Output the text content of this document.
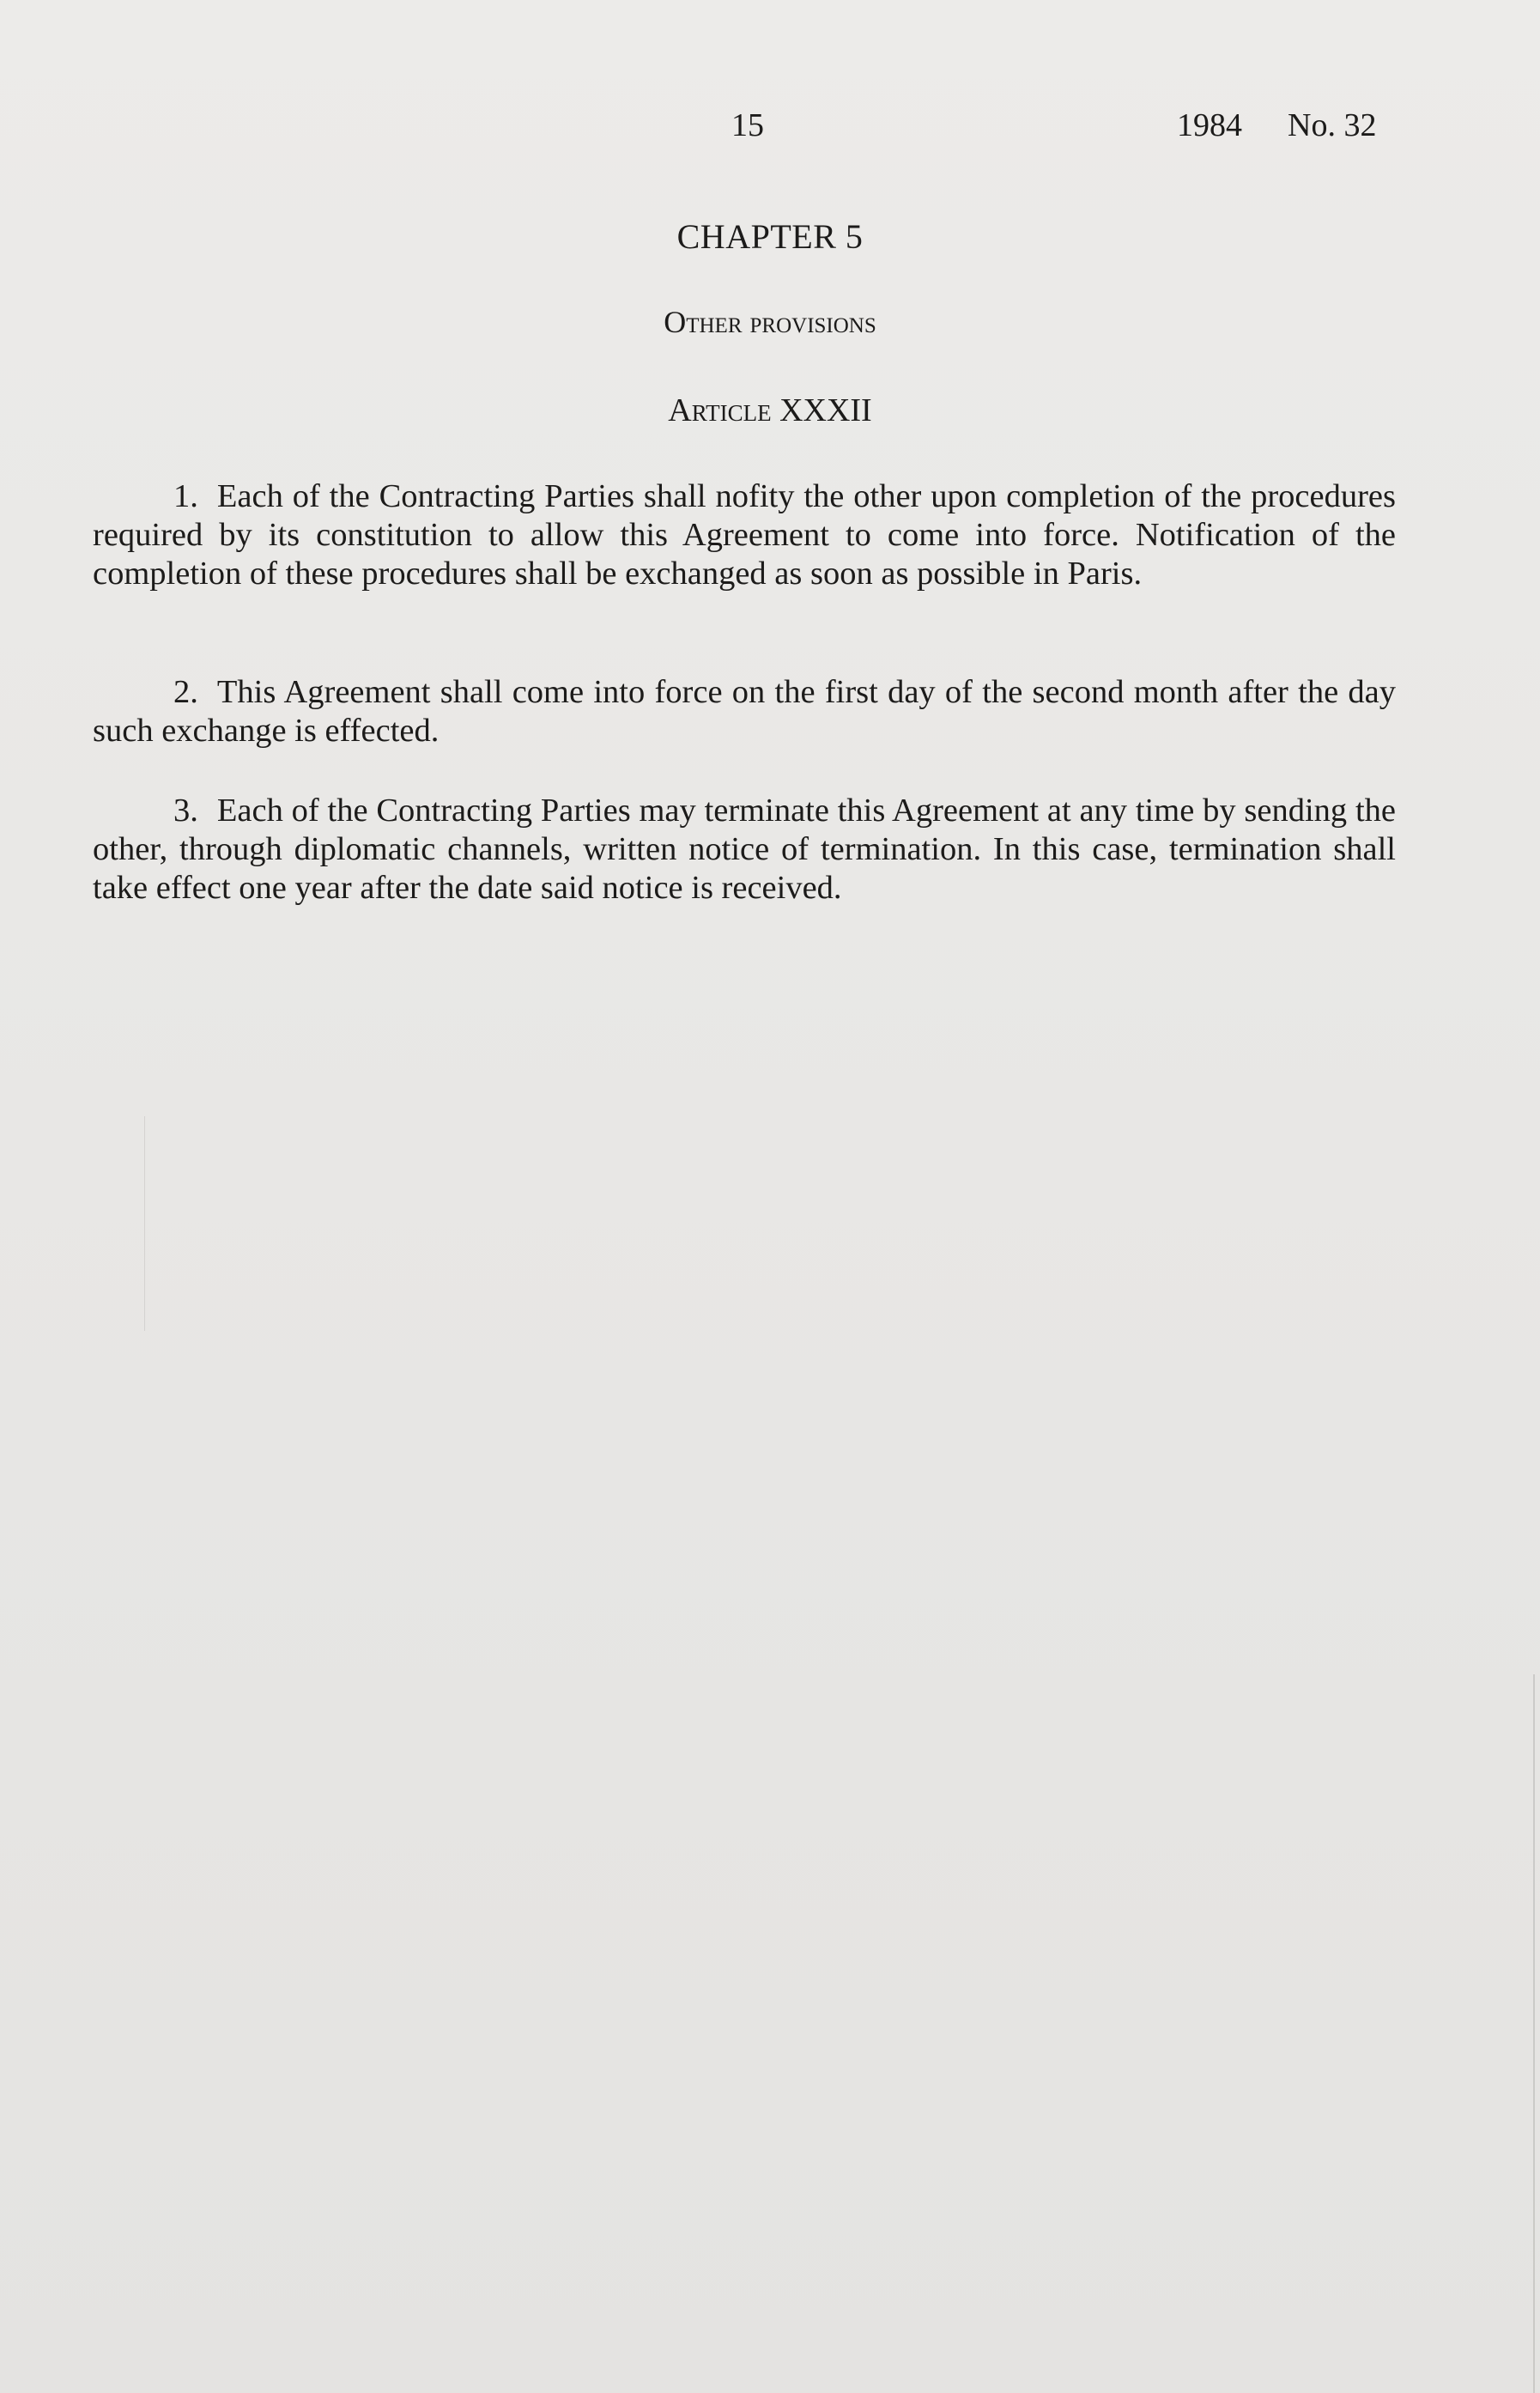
15	1984 No. 32
CHAPTER 5
Other provisions
Article XXXII

1. Each of the Contracting Parties shall nofity the other upon completion of the procedures required by its constitution to allow this Agreement to come into force. Notification of the completion of these procedures shall be exchanged as soon as possible in Paris.

2. This Agreement shall come into force on the first day of the second month after the day such exchange is effected.

3. Each of the Contracting Parties may terminate this Agreement at any time by sending the other, through diplomatic channels, written notice of termination. In this case, termination shall take effect one year after the date said notice is received.
